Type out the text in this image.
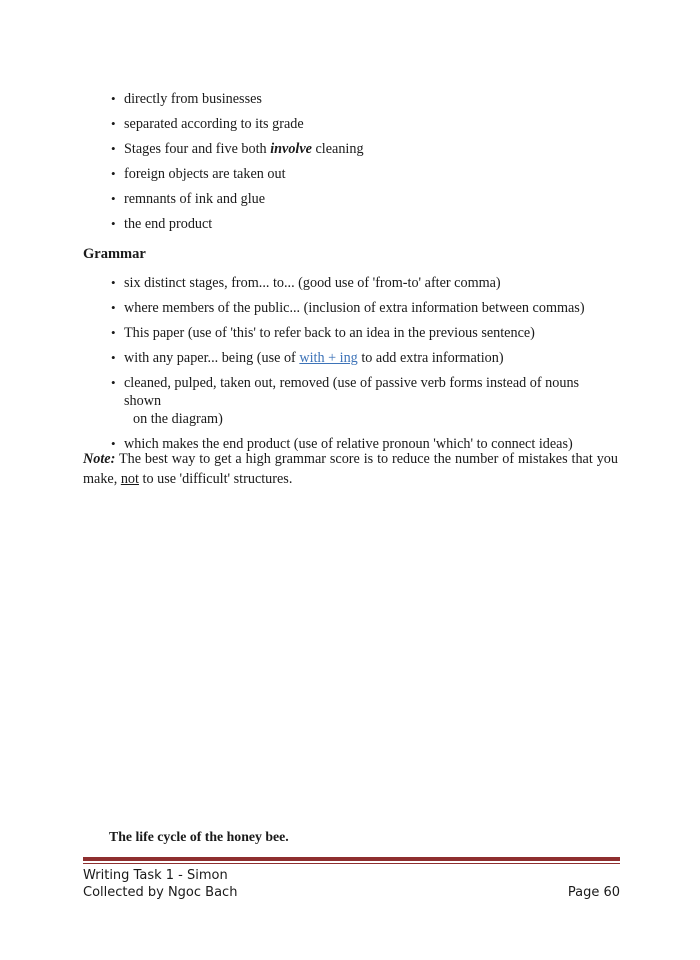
• directly from businesses
• separated according to its grade
• Stages four and five both involve cleaning
• foreign objects are taken out
• remnants of ink and glue
• the end product
Grammar
• six distinct stages, from... to... (good use of 'from-to' after comma)
• where members of the public... (inclusion of extra information between commas)
• This paper (use of 'this' to refer back to an idea in the previous sentence)
• with any paper... being (use of with + ing to add extra information)
• cleaned, pulped, taken out, removed (use of passive verb forms instead of nouns shown
on the diagram)
• which makes the end product (use of relative pronoun 'which' to connect ideas)

Note: The best way to get a high grammar score is to reduce the number of mistakes that you make, not to use 'difficult' structures.

The life cycle of the honey bee.
Writing Task 1 - Simon
Collected by Ngoc Bach	Page 60
